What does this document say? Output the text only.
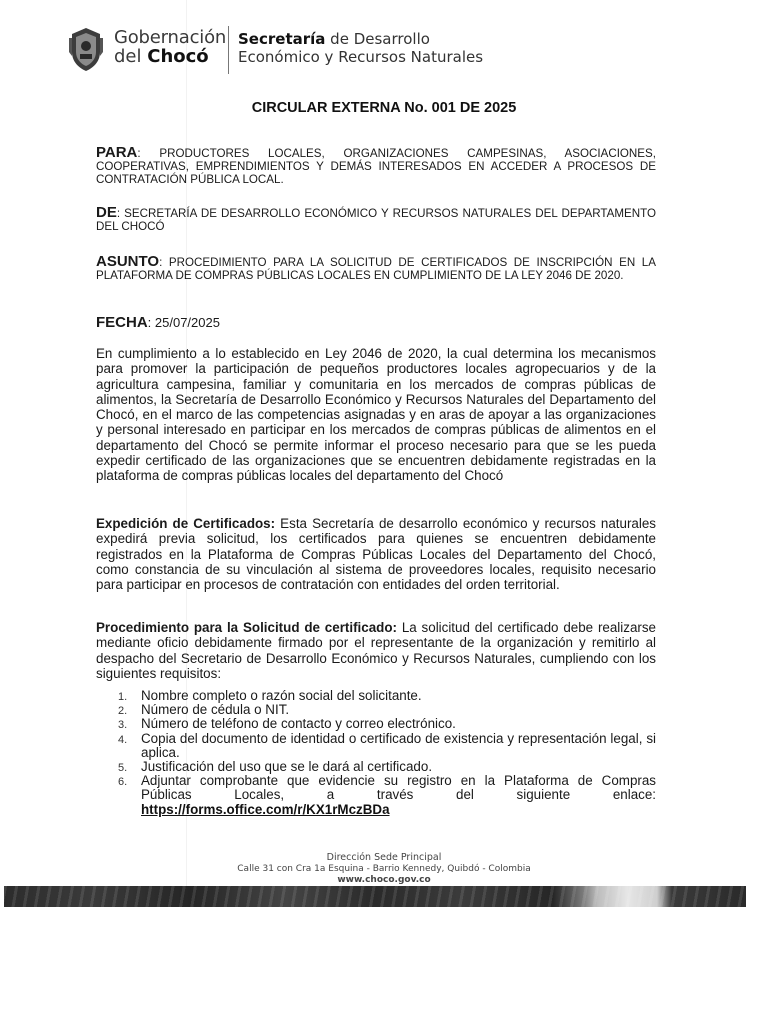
Gobernación
del Chocó
Secretaría de Desarrollo
Económico y Recursos Naturales
CIRCULAR EXTERNA No. 001 DE 2025
PARA: PRODUCTORES LOCALES, ORGANIZACIONES CAMPESINAS, ASOCIACIONES, COOPERATIVAS, EMPRENDIMIENTOS Y DEMÁS INTERESADOS EN ACCEDER A PROCESOS DE CONTRATACIÓN PÚBLICA LOCAL.
DE: SECRETARÍA DE DESARROLLO ECONÓMICO Y RECURSOS NATURALES DEL DEPARTAMENTO DEL CHOCÓ
ASUNTO: PROCEDIMIENTO PARA LA SOLICITUD DE CERTIFICADOS DE INSCRIPCIÓN EN LA PLATAFORMA DE COMPRAS PÚBLICAS LOCALES EN CUMPLIMIENTO DE LA LEY 2046 DE 2020.
FECHA: 25/07/2025
En cumplimiento a lo establecido en Ley 2046 de 2020, la cual determina los mecanismos para promover la participación de pequeños productores locales agropecuarios y de la agricultura campesina, familiar y comunitaria en los mercados de compras públicas de alimentos, la Secretaría de Desarrollo Económico y Recursos Naturales del Departamento del Chocó, en el marco de las competencias asignadas y en aras de apoyar a las organizaciones y personal interesado en participar en los mercados de compras públicas de alimentos en el departamento del Chocó se permite informar el proceso necesario para que se les pueda expedir certificado de las organizaciones que se encuentren debidamente registradas en la plataforma de compras públicas locales del departamento del Chocó
Expedición de Certificados: Esta Secretaría de desarrollo económico y recursos naturales expedirá previa solicitud, los certificados para quienes se encuentren debidamente registrados en la Plataforma de Compras Públicas Locales del Departamento del Chocó, como constancia de su vinculación al sistema de proveedores locales, requisito necesario para participar en procesos de contratación con entidades del orden territorial.
Procedimiento para la Solicitud de certificado: La solicitud del certificado debe realizarse mediante oficio debidamente firmado por el representante de la organización y remitirlo al despacho del Secretario de Desarrollo Económico y Recursos Naturales, cumpliendo con los siguientes requisitos:
1. Nombre completo o razón social del solicitante.
2. Número de cédula o NIT.
3. Número de teléfono de contacto y correo electrónico.
4. Copia del documento de identidad o certificado de existencia y representación legal, si aplica.
5. Justificación del uso que se le dará al certificado.
6. Adjuntar comprobante que evidencie su registro en la Plataforma de Compras Públicas Locales, a través del siguiente enlace: https://forms.office.com/r/KX1rMczBDa
Dirección Sede Principal
Calle 31 con Cra 1a Esquina - Barrio Kennedy, Quibdó - Colombia
www.choco.gov.co
